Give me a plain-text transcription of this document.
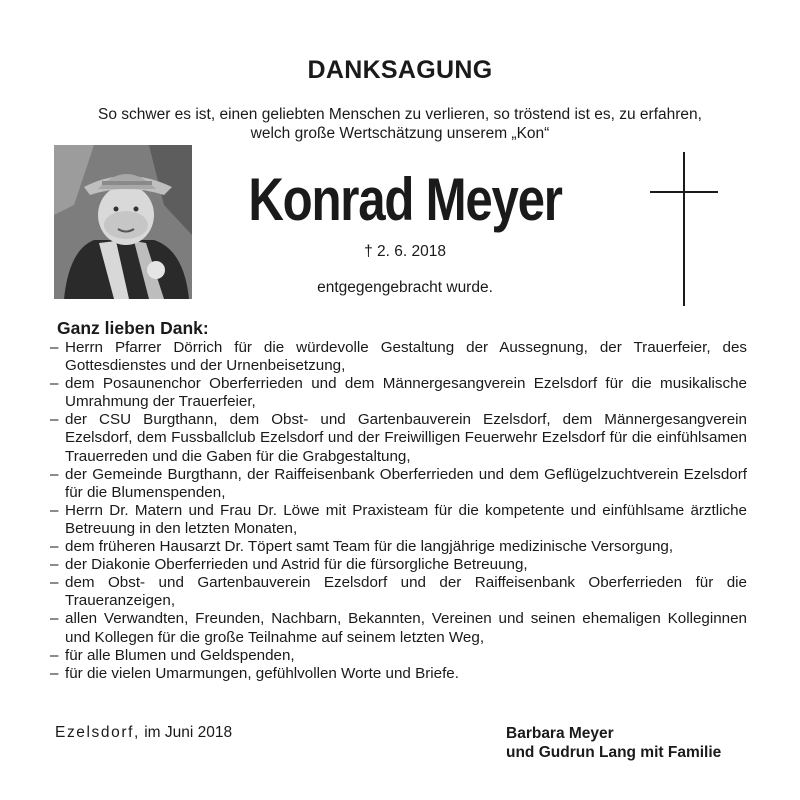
DANKSAGUNG
So schwer es ist, einen geliebten Menschen zu verlieren, so tröstend ist es, zu erfahren,
welch große Wertschätzung unserem „Kon“
Konrad Meyer
† 2. 6. 2018
entgegengebracht wurde.
Ganz lieben Dank:
– Herrn Pfarrer Dörrich für die würdevolle Gestaltung der Aussegnung, der Trauerfeier, des Gottesdienstes und der Urnenbeisetzung,
– dem Posaunenchor Oberferrieden und dem Männergesangverein Ezelsdorf für die musikalische Umrahmung der Trauerfeier,
– der CSU Burgthann, dem Obst- und Gartenbauverein Ezelsdorf, dem Männergesangverein Ezelsdorf, dem Fussballclub Ezelsdorf und der Freiwilligen Feuerwehr Ezelsdorf für die einfühlsamen Trauerreden und die Gaben für die Grabgestaltung,
– der Gemeinde Burgthann, der Raiffeisenbank Oberferrieden und dem Geflügelzuchtverein Ezelsdorf für die Blumenspenden,
– Herrn Dr. Matern und Frau Dr. Löwe mit Praxisteam für die kompetente und einfühlsame ärztliche Betreuung in den letzten Monaten,
– dem früheren Hausarzt Dr. Töpert samt Team für die langjährige medizinische Versorgung,
– der Diakonie Oberferrieden und Astrid für die fürsorgliche Betreuung,
– dem Obst- und Gartenbauverein Ezelsdorf und der Raiffeisenbank Oberferrieden für die Traueranzeigen,
– allen Verwandten, Freunden, Nachbarn, Bekannten, Vereinen und seinen ehemaligen Kolleginnen und Kollegen für die große Teilnahme auf seinem letzten Weg,
– für alle Blumen und Geldspenden,
– für die vielen Umarmungen, gefühlvollen Worte und Briefe.
Ezelsdorf, im Juni 2018	Barbara Meyer
und Gudrun Lang mit Familie
